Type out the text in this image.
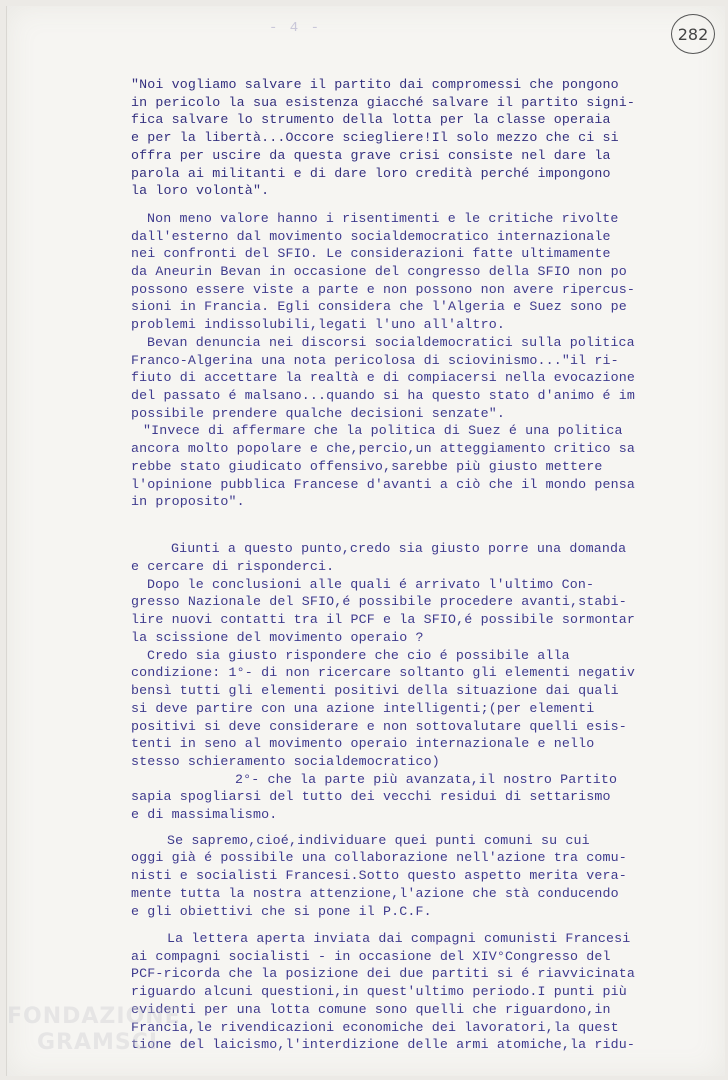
- 4 -	282
"Noi vogliamo salvare il partito dai compromessi che pongono
in pericolo la sua esistenza giacché salvare il partito signi-
fica salvare lo strumento della lotta per la classe operaia
e per la libertà...Occore sciegliere!Il solo mezzo che ci si
offra per uscire da questa grave crisi consiste nel dare la
parola ai militanti e di dare loro credità perché impongono
la loro volontà".
Non meno valore hanno i risentimenti e le critiche rivolte
dall'esterno dal movimento socialdemocratico internazionale
nei confronti del SFIO. Le considerazioni fatte ultimamente
da Aneurin Bevan in occasione del congresso della SFIO non po
possono essere viste a parte e non possono non avere ripercus-
sioni in Francia. Egli considera che l'Algeria e Suez sono pe
problemi indissolubili,legati l'uno all'altro.
Bevan denuncia nei discorsi socialdemocratici sulla politica
Franco-Algerina una nota pericolosa di sciovinismo..."il ri-
fiuto di accettare la realtà e di compiacersi nella evocazione
del passato é malsano...quando si ha questo stato d'animo é im
possibile prendere qualche decisioni senzate".
"Invece di affermare che la politica di Suez é una politica
ancora molto popolare e che,percio,un atteggiamento critico sa
rebbe stato giudicato offensivo,sarebbe più giusto mettere
l'opinione pubblica Francese d'avanti a ciò che il mondo pensa
in proposito".
Giunti a questo punto,credo sia giusto porre una domanda
e cercare di risponderci.
Dopo le conclusioni alle quali é arrivato l'ultimo Con-
gresso Nazionale del SFIO,é possibile procedere avanti,stabi-
lire nuovi contatti tra il PCF e la SFIO,é possibile sormontar
la scissione del movimento operaio ?
Credo sia giusto rispondere che cio é possibile alla
condizione: 1°- di non ricercare soltanto gli elementi negativ
bensì tutti gli elementi positivi della situazione dai quali
si deve partire con una azione intelligenti;(per elementi
positivi si deve considerare e non sottovalutare quelli esis-
tenti in seno al movimento operaio internazionale e nello
stesso schieramento socialdemocratico)
2°- che la parte più avanzata,il nostro Partito
sapia spogliarsi del tutto dei vecchi residui di settarismo
e di massimalismo.
Se sapremo,cioé,individuare quei punti comuni su cui
oggi già é possibile una collaborazione nell'azione tra comu-
nisti e socialisti Francesi.Sotto questo aspetto merita vera-
mente tutta la nostra attenzione,l'azione che stà conducendo
e gli obiettivi che si pone il P.C.F.
La lettera aperta inviata dai compagni comunisti Francesi
ai compagni socialisti - in occasione del XIV°Congresso del
PCF-ricorda che la posizione dei due partiti si é riavvicinata
riguardo alcuni questioni,in quest'ultimo periodo.I punti più
evidenti per una lotta comune sono quelli che riguardono,in
Francia,le rivendicazioni economiche dei lavoratori,la quest
tione del laicismo,l'interdizione delle armi atomiche,la ridu-
FONDAZIONE
GRAMSCI
